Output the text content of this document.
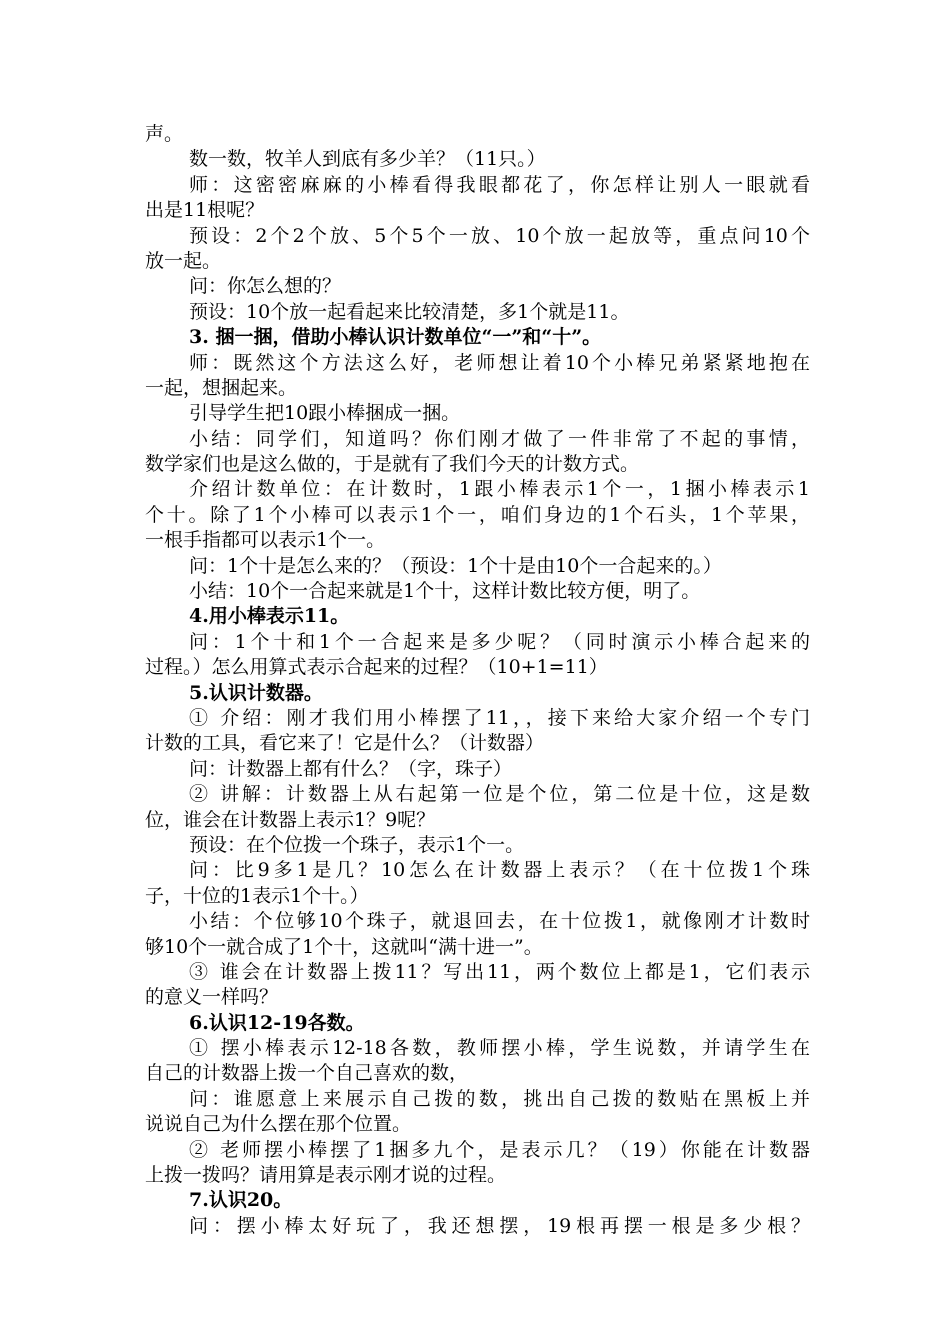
声。
数一数，牧羊人到底有多少羊？（11只。）
师：这密密麻麻的小棒看得我眼都花了，你怎样让别人一眼就看
出是11根呢？
预设：2个2个放、5个5个一放、10个放一起放等，重点问10个
放一起。
问：你怎么想的？
预设：10个放一起看起来比较清楚，多1个就是11。
3. 捆一捆，借助小棒认识计数单位“一”和“十”。
师：既然这个方法这么好，老师想让着10个小棒兄弟紧紧地抱在
一起，想捆起来。
引导学生把10跟小棒捆成一捆。
小结：同学们，知道吗？你们刚才做了一件非常了不起的事情，
数学家们也是这么做的，于是就有了我们今天的计数方式。
介绍计数单位：在计数时，1跟小棒表示1个一，1捆小棒表示1
个十。除了1个小棒可以表示1个一，咱们身边的1个石头，1个苹果，
一根手指都可以表示1个一。
问：1个十是怎么来的？（预设：1个十是由10个一合起来的。）
小结：10个一合起来就是1个十，这样计数比较方便，明了。
4.用小棒表示11。
问：1个十和1个一合起来是多少呢？（同时演示小棒合起来的
过程。）怎么用算式表示合起来的过程？（10+1=11）
5.认识计数器。
① 介绍：刚才我们用小棒摆了11，，接下来给大家介绍一个专门
计数的工具，看它来了！它是什么？（计数器）
问：计数器上都有什么？（字，珠子）
② 讲解：计数器上从右起第一位是个位，第二位是十位，这是数
位，谁会在计数器上表示1？9呢？
预设：在个位拨一个珠子，表示1个一。
问：比9多1是几？10怎么在计数器上表示？（在十位拨1个珠
子，十位的1表示1个十。）
小结：个位够10个珠子，就退回去，在十位拨1，就像刚才计数时
够10个一就合成了1个十，这就叫“满十进一”。
③ 谁会在计数器上拨11？写出11，两个数位上都是1，它们表示
的意义一样吗？
6.认识12-19各数。
① 摆小棒表示12-18各数，教师摆小棒，学生说数，并请学生在
自己的计数器上拨一个自己喜欢的数，
问：谁愿意上来展示自己拨的数，挑出自己拨的数贴在黑板上并
说说自己为什么摆在那个位置。
② 老师摆小棒摆了1捆多九个，是表示几？（19）你能在计数器
上拨一拨吗？请用算是表示刚才说的过程。
7.认识20。
问：摆小棒太好玩了，我还想摆，19根再摆一根是多少根？
